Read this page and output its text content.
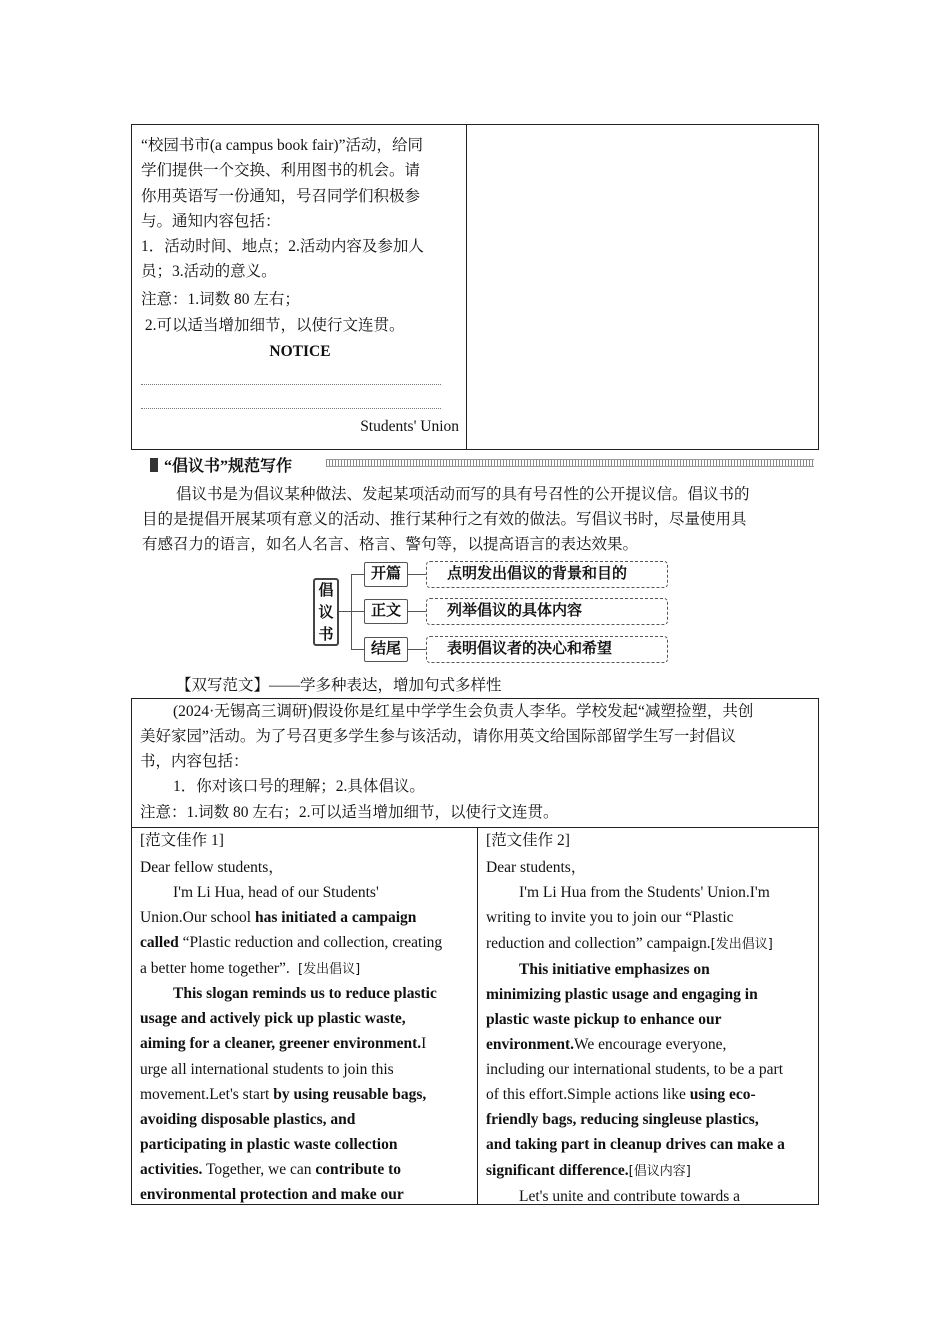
“校园书市(a campus book fair)”活动，给同
学们提供一个交换、利用图书的机会。请
你用英语写一份通知，号召同学们积极参
与。通知内容包括：
1．活动时间、地点；2.活动内容及参加人
员；3.活动的意义。
注意：1.词数 80 左右；
2.可以适当增加细节，以使行文连贯。
NOTICE
Students' Union
“倡议书”规范写作
倡议书是为倡议某种做法、发起某项活动而写的具有号召性的公开提议信。倡议书的
目的是提倡开展某项有意义的活动、推行某种行之有效的做法。写倡议书时，尽量使用具
有感召力的语言，如名人名言、格言、警句等，以提高语言的表达效果。
倡
议
书
开篇
正文
结尾
点明发出倡议的背景和目的
列举倡议的具体内容
表明倡议者的决心和希望
【双写范文】——学多种表达，增加句式多样性
(2024·无锡高三调研)假设你是红星中学学生会负责人李华。学校发起“减塑捡塑，共创
美好家园”活动。为了号召更多学生参与该活动，请你用英文给国际部留学生写一封倡议
书，内容包括：
1．你对该口号的理解；2.具体倡议。
注意：1.词数 80 左右；2.可以适当增加细节，以使行文连贯。
[范文佳作 1]
Dear fellow students，
I'm Li Hua, head of our Students'
Union.Our school has initiated a campaign
called “Plastic reduction and collection, creating
a better home together”.  [发出倡议]
This slogan reminds us to reduce plastic
usage and actively pick up plastic waste,
aiming for a cleaner, greener environment.I
urge all international students to join this
movement.Let's start by using reusable bags,
avoiding disposable plastics, and
participating in plastic waste collection
activities. Together, we can contribute to
environmental protection and make our
[范文佳作 2]
Dear students，
I'm Li Hua from the Students' Union.I'm
writing to invite you to join our “Plastic
reduction and collection” campaign.[发出倡议]
This initiative emphasizes on
minimizing plastic usage and engaging in
plastic waste pickup to enhance our
environment.We encourage everyone,
including our international students, to be a part
of this effort.Simple actions like using eco-
friendly bags, reducing singleuse plastics,
and taking part in cleanup drives can make a
significant difference.[倡议内容]
Let's unite and contribute towards a
